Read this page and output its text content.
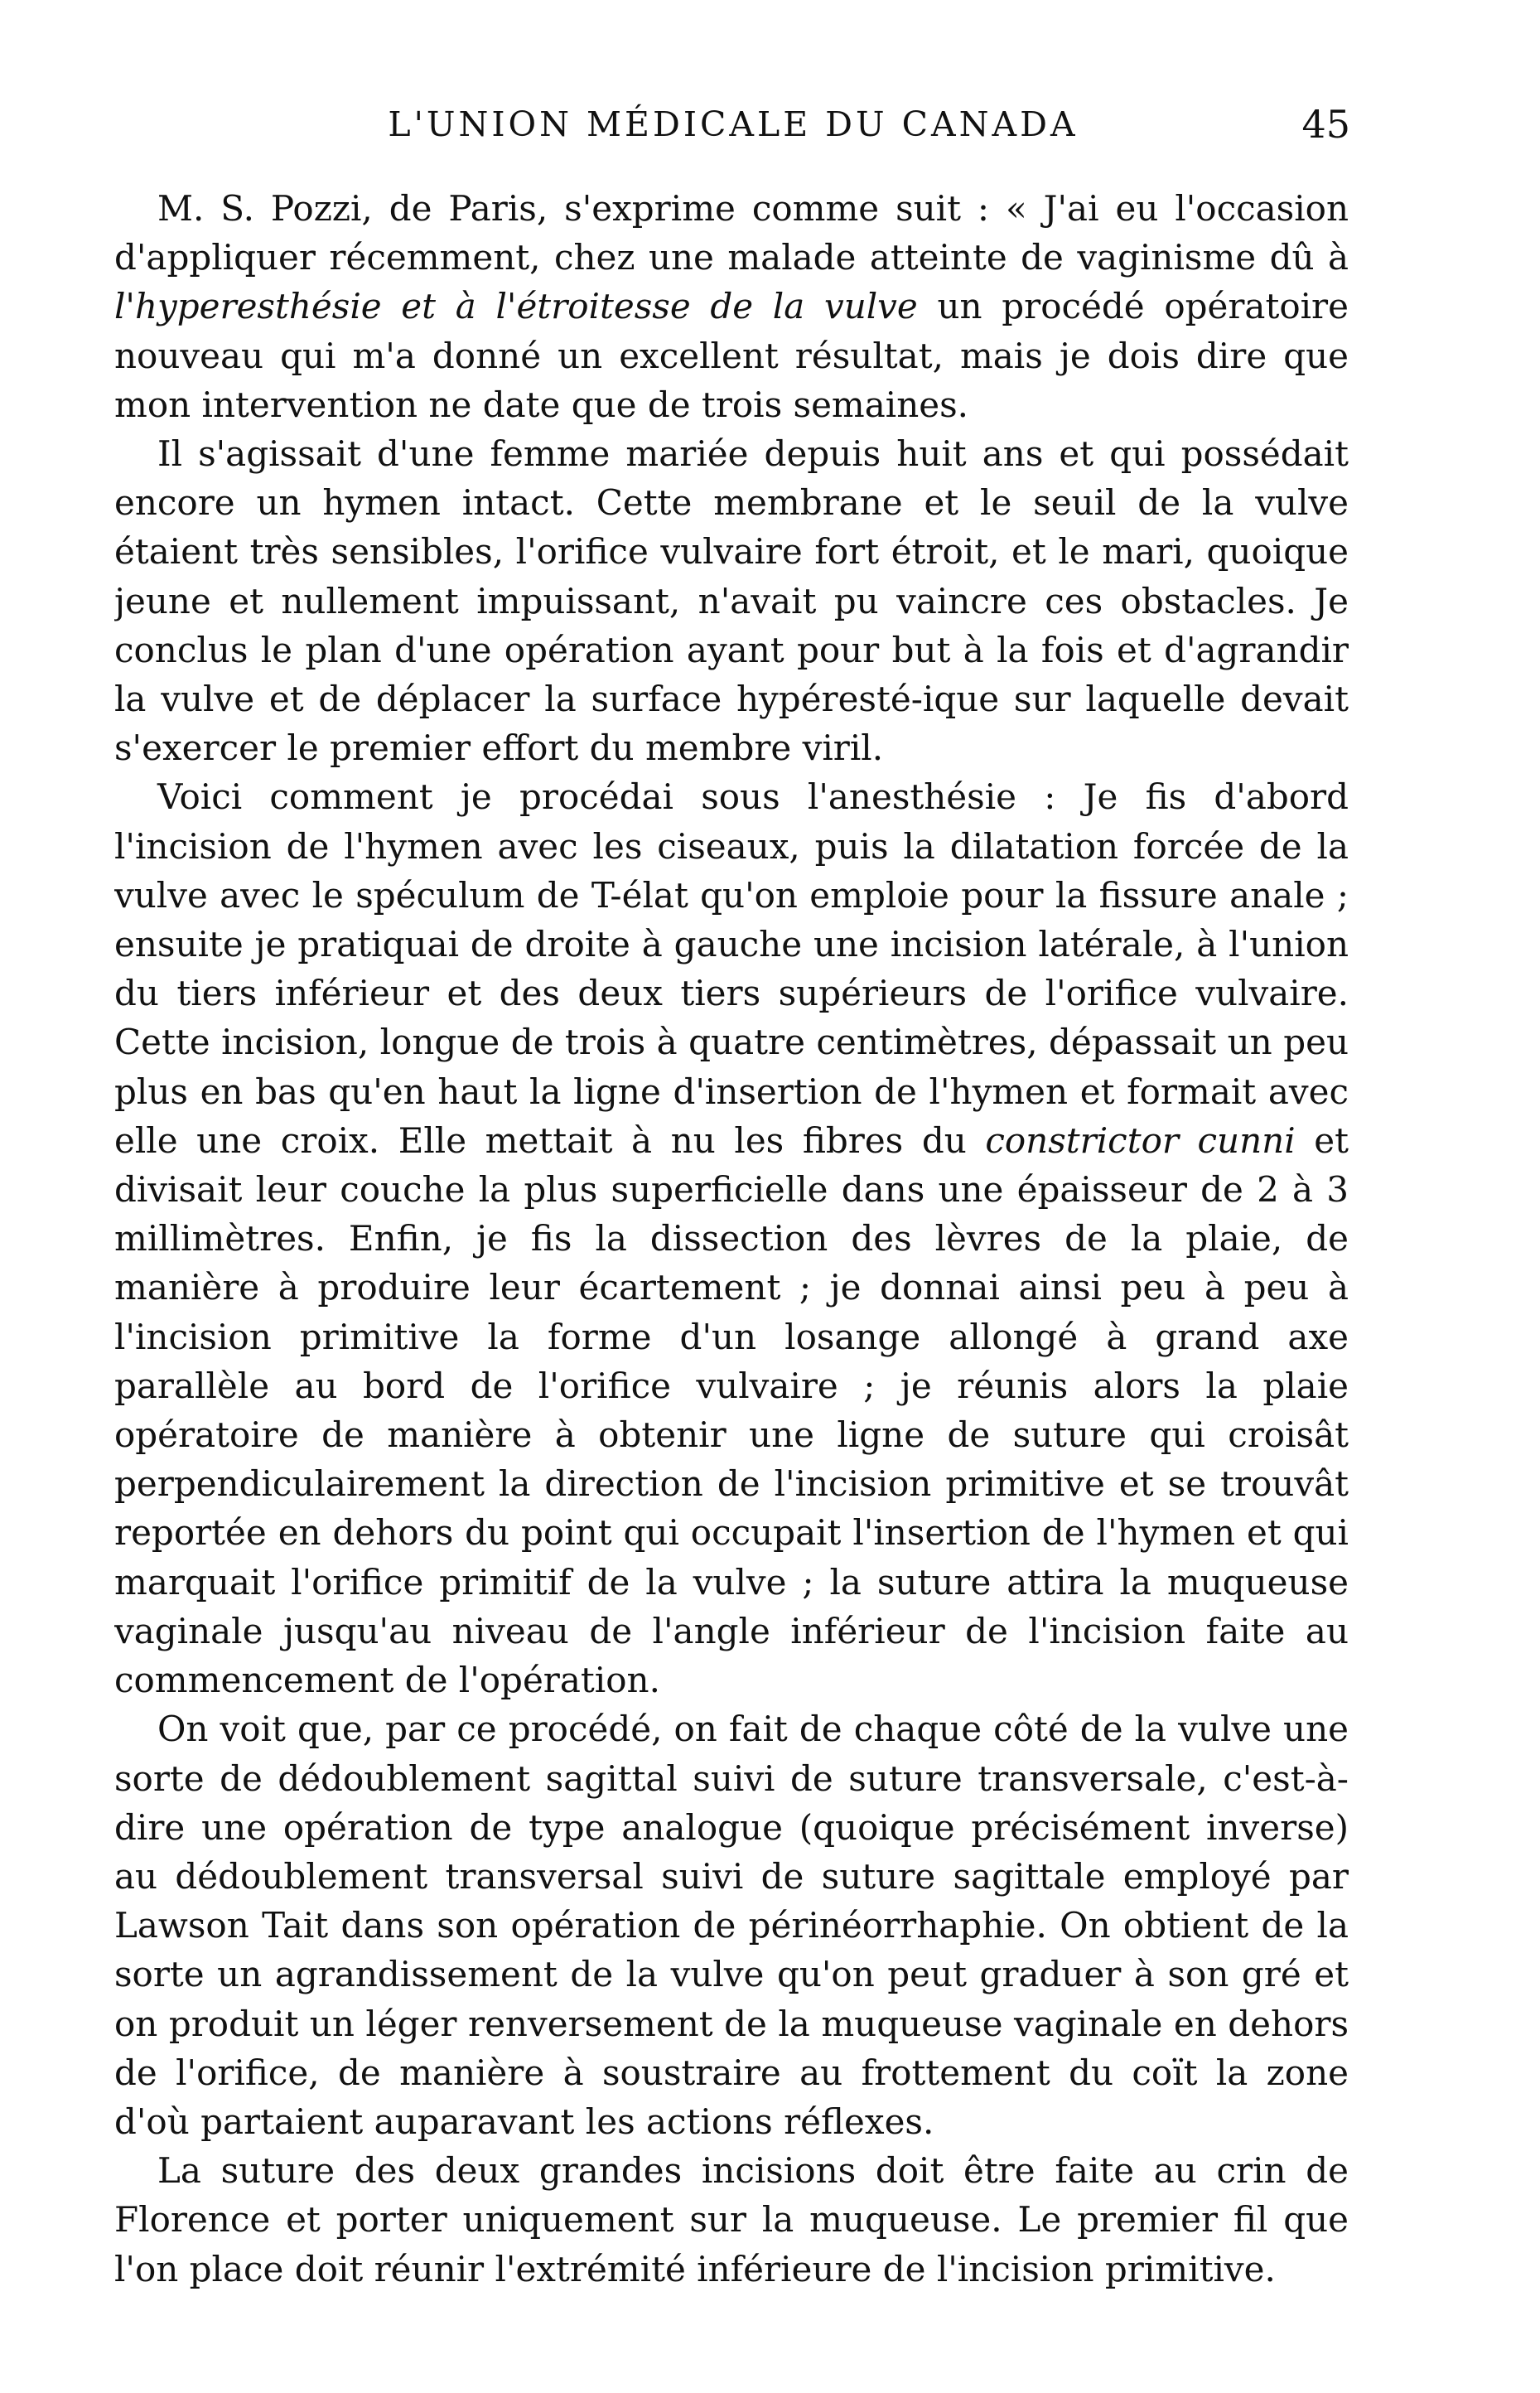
L'UNION MÉDICALE DU CANADA	45

M. S. Pozzi, de Paris, s'exprime comme suit : « J'ai eu l'occasion d'appliquer récemment, chez une malade atteinte de vaginisme dû à l'hyperesthésie et à l'étroitesse de la vulve un procédé opératoire nouveau qui m'a donné un excellent résultat, mais je dois dire que mon intervention ne date que de trois semaines.

Il s'agissait d'une femme mariée depuis huit ans et qui possédait encore un hymen intact. Cette membrane et le seuil de la vulve étaient très sensibles, l'orifice vulvaire fort étroit, et le mari, quoique jeune et nullement impuissant, n'avait pu vaincre ces obstacles. Je conclus le plan d'une opération ayant pour but à la fois et d'agrandir la vulve et de déplacer la surface hypéresté-ique sur laquelle devait s'exercer le premier effort du membre viril.

Voici comment je procédai sous l'anesthésie : Je fis d'abord l'incision de l'hymen avec les ciseaux, puis la dilatation forcée de la vulve avec le spéculum de T-élat qu'on emploie pour la fissure anale ; ensuite je pratiquai de droite à gauche une incision latérale, à l'union du tiers inférieur et des deux tiers supérieurs de l'orifice vulvaire. Cette incision, longue de trois à quatre centimètres, dépassait un peu plus en bas qu'en haut la ligne d'insertion de l'hymen et formait avec elle une croix. Elle mettait à nu les fibres du constrictor cunni et divisait leur couche la plus superficielle dans une épaisseur de 2 à 3 millimètres. Enfin, je fis la dissection des lèvres de la plaie, de manière à produire leur écartement ; je donnai ainsi peu à peu à l'incision primitive la forme d'un losange allongé à grand axe parallèle au bord de l'orifice vulvaire ; je réunis alors la plaie opératoire de manière à obtenir une ligne de suture qui croisât perpendiculairement la direction de l'incision primitive et se trouvât reportée en dehors du point qui occupait l'insertion de l'hymen et qui marquait l'orifice primitif de la vulve ; la suture attira la muqueuse vaginale jusqu'au niveau de l'angle inférieur de l'incision faite au commencement de l'opération.

On voit que, par ce procédé, on fait de chaque côté de la vulve une sorte de dédoublement sagittal suivi de suture transversale, c'est-à-dire une opération de type analogue (quoique précisément inverse) au dédoublement transversal suivi de suture sagittale employé par Lawson Tait dans son opération de périnéorrhaphie. On obtient de la sorte un agrandissement de la vulve qu'on peut graduer à son gré et on produit un léger renversement de la muqueuse vaginale en dehors de l'orifice, de manière à soustraire au frottement du coït la zone d'où partaient auparavant les actions réflexes.

La suture des deux grandes incisions doit être faite au crin de Florence et porter uniquement sur la muqueuse. Le premier fil que l'on place doit réunir l'extrémité inférieure de l'incision primitive.
